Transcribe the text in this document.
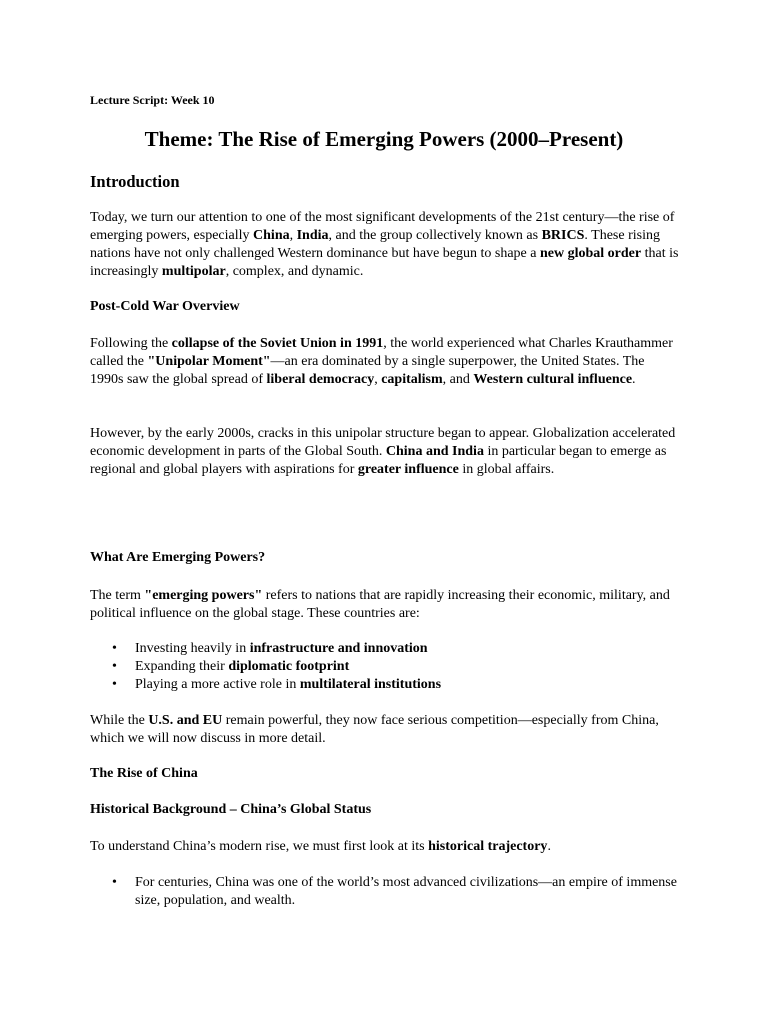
Lecture Script: Week 10
Theme: The Rise of Emerging Powers (2000–Present)
Introduction

Today, we turn our attention to one of the most significant developments of the 21st century—the rise of emerging powers, especially China, India, and the group collectively known as BRICS. These rising nations have not only challenged Western dominance but have begun to shape a new global order that is increasingly multipolar, complex, and dynamic.

Post-Cold War Overview

Following the collapse of the Soviet Union in 1991, the world experienced what Charles Krauthammer called the "Unipolar Moment"—an era dominated by a single superpower, the United States. The 1990s saw the global spread of liberal democracy, capitalism, and Western cultural influence.

However, by the early 2000s, cracks in this unipolar structure began to appear. Globalization accelerated economic development in parts of the Global South. China and India in particular began to emerge as regional and global players with aspirations for greater influence in global affairs.

What Are Emerging Powers?

The term "emerging powers" refers to nations that are rapidly increasing their economic, military, and political influence on the global stage. These countries are:

• Investing heavily in infrastructure and innovation
• Expanding their diplomatic footprint
• Playing a more active role in multilateral institutions

While the U.S. and EU remain powerful, they now face serious competition—especially from China, which we will now discuss in more detail.

The Rise of China
Historical Background – China’s Global Status

To understand China’s modern rise, we must first look at its historical trajectory.

• For centuries, China was one of the world’s most advanced civilizations—an empire of immense size, population, and wealth.
